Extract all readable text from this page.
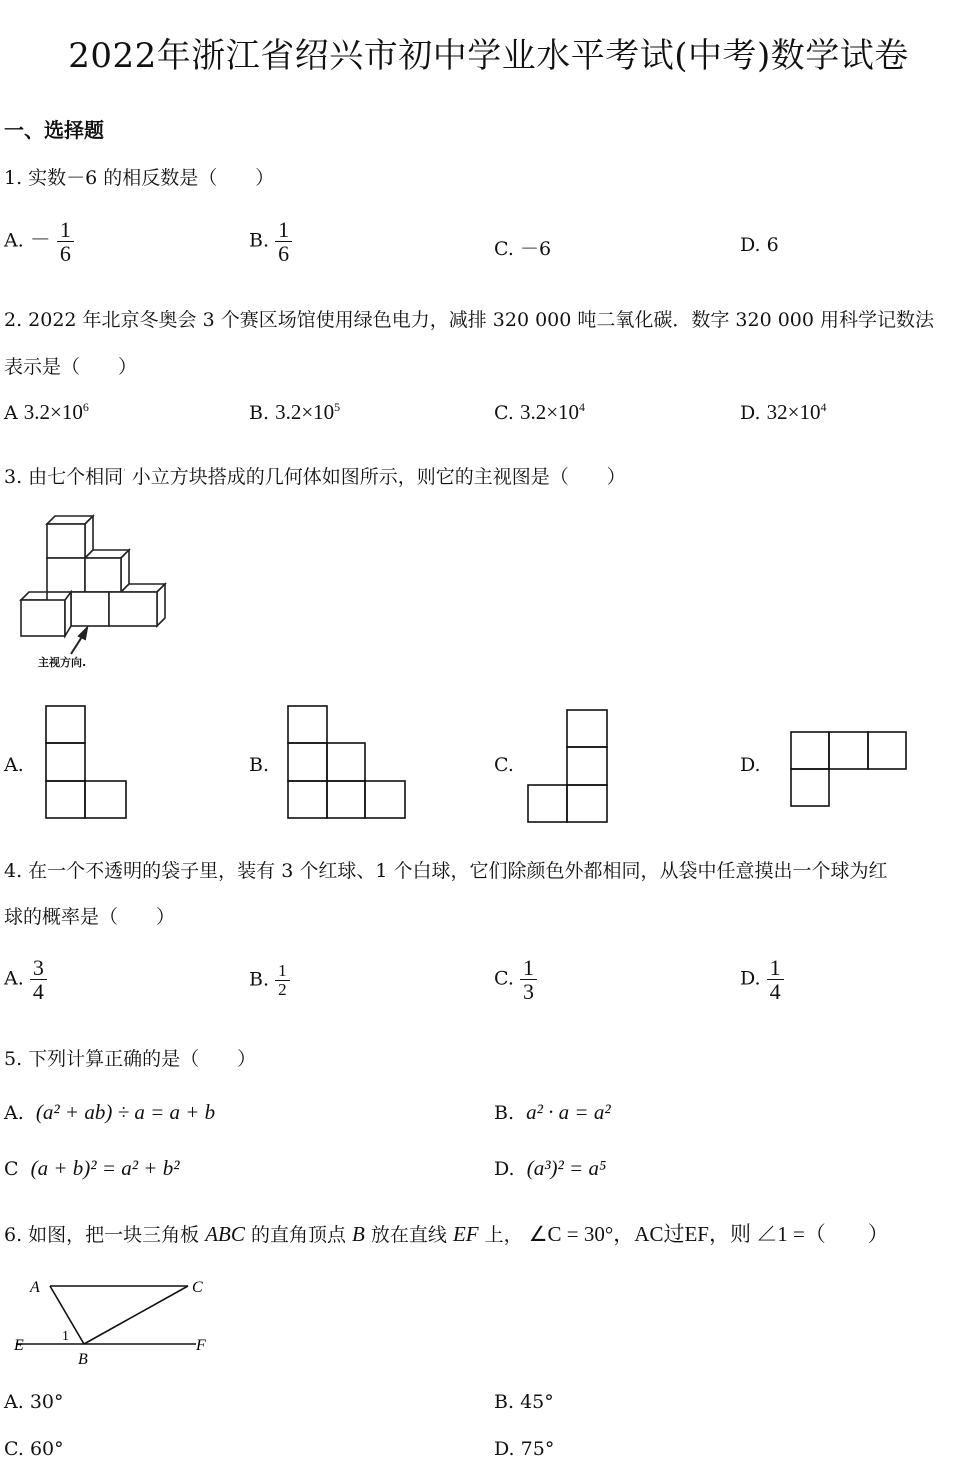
2022年浙江省绍兴市初中学业水平考试(中考)数学试卷
一、选择题
1. 实数－6 的相反数是（　　）
A. － $\frac{1}{6}$	B. $\frac{1}{6}$	C. －6	D. 6
2. 2022 年北京冬奥会 3 个赛区场馆使用绿色电力，减排 320 000 吨二氧化碳．数字 320 000 用科学记数法
表示是（　　）
A $3.2\times 10^6$	B. $3.2\times 10^5$	C. $3.2\times 10^4$	D. $32\times 10^4$
3. 由七个相同' 小立方块搭成的几何体如图所示，则它的主视图是（　　）
主视方向.
A.	B.	C.	D.
4. 在一个不透明的袋子里，装有 3 个红球、1 个白球，它们除颜色外都相同，从袋中任意摸出一个球为红
球的概率是（　　）
A. $\frac{3}{4}$	B. $\frac{1}{2}$	C. $\frac{1}{3}$	D. $\frac{1}{4}$
5. 下列计算正确的是（　　）
A. (a² + ab) ÷ a = a + b	B. a² · a = a²
C (a + b)² = a² + b²	D. (a³)² = a⁵
6. 如图，把一块三角板 ABC 的直角顶点 B 放在直线 EF 上， ∠C = 30°，AC过EF，则 ∠1 =（　　）
A	C
E	F
B
1
A. 30°	B. 45°
C. 60°	D. 75°
